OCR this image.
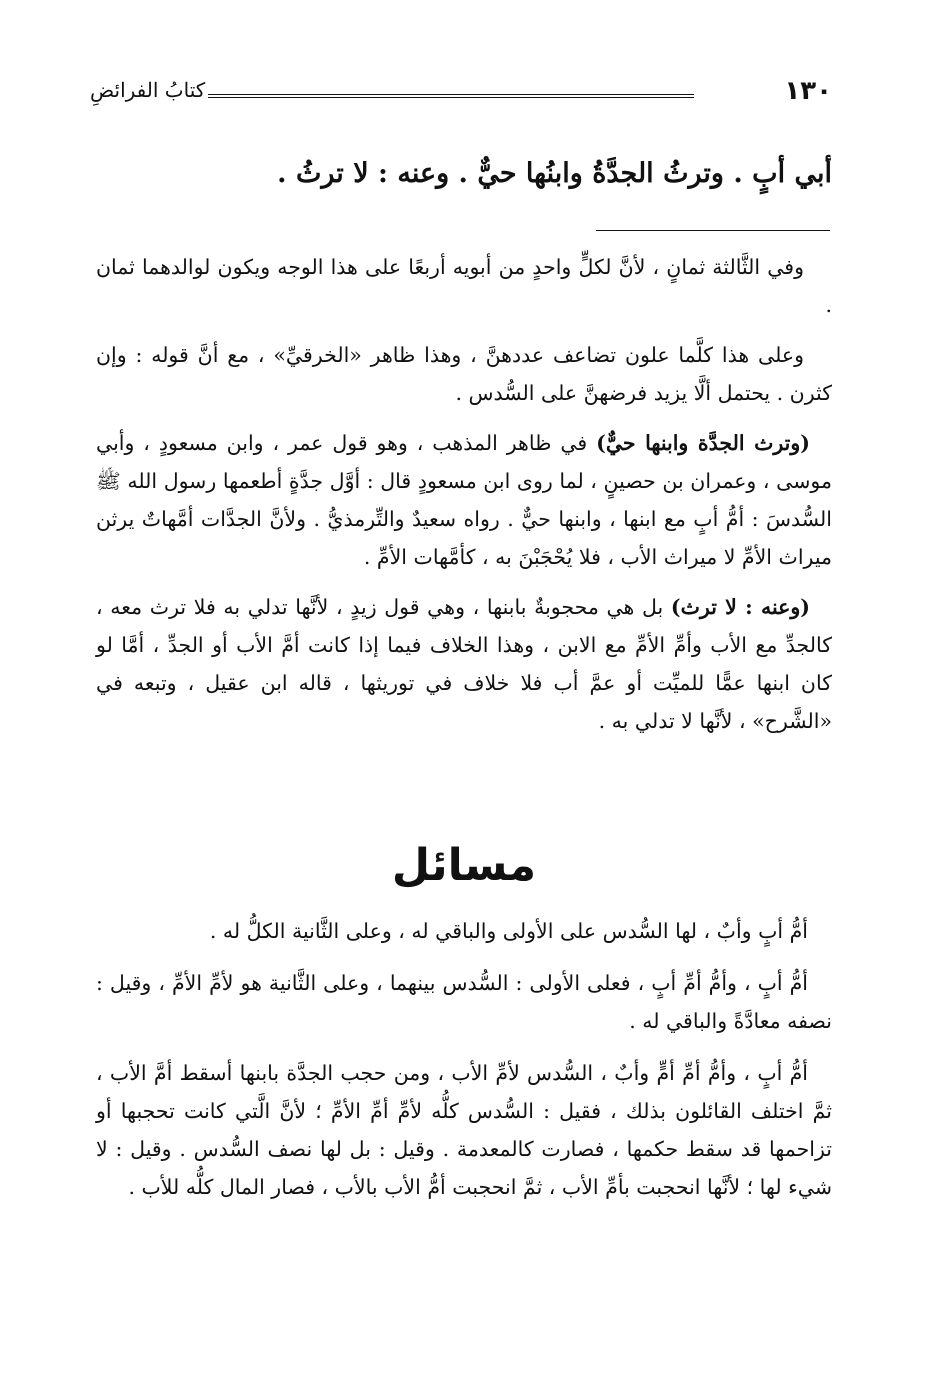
١٣٠
كتابُ الفرائضِ
أبي أبٍ . وترثُ الجدَّةُ وابنُها حيٌّ . وعنه : لا ترثُ .

وفي الثَّالثة ثمانٍ ، لأنَّ لكلٍّ واحدٍ من أبويه أربعًا على هذا الوجه ويكون لوالدهما ثمان .

وعلى هذا كلَّما علون تضاعف عددهنَّ ، وهذا ظاهر «الخرقيِّ» ، مع أنَّ قوله : وإن كثرن . يحتمل ألَّا يزيد فرضهنَّ على السُّدس .

(وترث الجدَّة وابنها حيٌّ) في ظاهر المذهب ، وهو قول عمر ، وابن مسعودٍ ، وأبي موسى ، وعمران بن حصينٍ ، لما روى ابن مسعودٍ قال : أوَّل جدَّةٍ أطعمها رسول الله ﷺ السُّدسَ : أمُّ أبٍ مع ابنها ، وابنها حيٌّ . رواه سعيدٌ والتِّرمذيُّ . ولأنَّ الجدَّات أمَّهاتٌ يرثن ميراث الأمِّ لا ميراث الأب ، فلا يُحْجَبْنَ به ، كأمَّهات الأمِّ .

(وعنه : لا ترث) بل هي محجوبةٌ بابنها ، وهي قول زيدٍ ، لأنَّها تدلي به فلا ترث معه ، كالجدِّ مع الأب وأمِّ الأمِّ مع الابن ، وهذا الخلاف فيما إذا كانت أمَّ الأب أو الجدِّ ، أمَّا لو كان ابنها عمًّا للميِّت أو عمَّ أب فلا خلاف في توريثها ، قاله ابن عقيل ، وتبعه في «الشَّرح» ، لأنَّها لا تدلي به .

مسائل

أمُّ أبٍ وأبٌ ، لها السُّدس على الأولى والباقي له ، وعلى الثَّانية الكلُّ له .

أمُّ أبٍ ، وأمُّ أمِّ أبٍ ، فعلى الأولى : السُّدس بينهما ، وعلى الثَّانية هو لأمِّ الأمِّ ، وقيل : نصفه معادَّةً والباقي له .

أمُّ أبٍ ، وأمُّ أمِّ أمٍّ وأبٌ ، السُّدس لأمِّ الأب ، ومن حجب الجدَّة بابنها أسقط أمَّ الأب ، ثمَّ اختلف القائلون بذلك ، فقيل : السُّدس كلُّه لأمِّ أمِّ الأمِّ ؛ لأنَّ الَّتي كانت تحجبها أو تزاحمها قد سقط حكمها ، فصارت كالمعدمة . وقيل : بل لها نصف السُّدس . وقيل : لا شيء لها ؛ لأنَّها انحجبت بأمِّ الأب ، ثمَّ انحجبت أمُّ الأب بالأب ، فصار المال كلُّه للأب .
